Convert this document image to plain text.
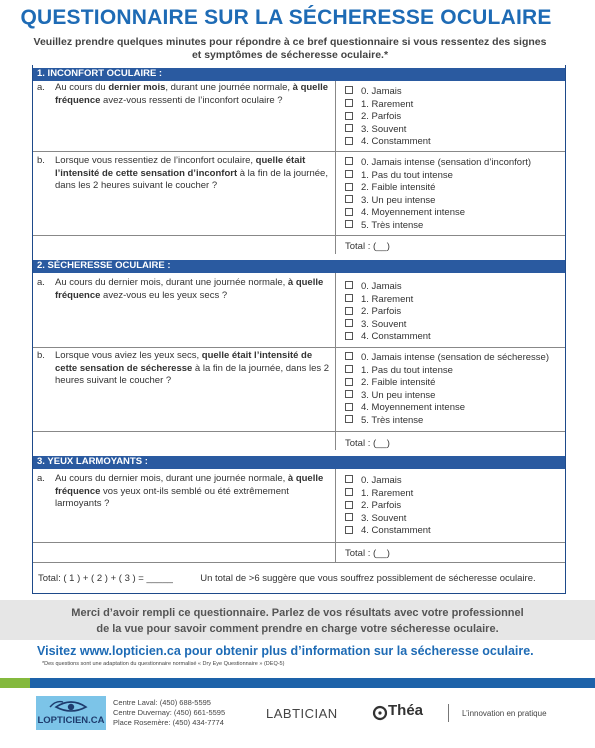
QUESTIONNAIRE SUR LA SÉCHERESSE OCULAIRE
Veuillez prendre quelques minutes pour répondre à ce bref questionnaire si vous ressentez des signes
et symptômes de sécheresse oculaire.*
1. INCONFORT OCULAIRE :
a. Au cours du dernier mois, durant une journée normale, à quelle fréquence avez-vous ressenti de l’inconfort oculaire ?
0. Jamais
1. Rarement
2. Parfois
3. Souvent
4. Constamment
b. Lorsque vous ressentiez de l’inconfort oculaire, quelle était l’intensité de cette sensation d’inconfort à la fin de la journée, dans les 2 heures suivant le coucher ?
0. Jamais intense (sensation d’inconfort)
1. Pas du tout intense
2. Faible intensité
3. Un peu intense
4. Moyennement intense
5. Très intense
Total : (__)
2. SÉCHERESSE OCULAIRE :
a. Au cours du dernier mois, durant une journée normale, à quelle fréquence avez-vous eu les yeux secs ?
0. Jamais
1. Rarement
2. Parfois
3. Souvent
4. Constamment
b. Lorsque vous aviez les yeux secs, quelle était l’intensité de cette sensation de sécheresse à la fin de la journée, dans les 2 heures suivant le coucher ?
0. Jamais intense (sensation de sécheresse)
1. Pas du tout intense
2. Faible intensité
3. Un peu intense
4. Moyennement intense
5. Très intense
Total : (__)
3. YEUX LARMOYANTS :
a. Au cours du dernier mois, durant une journée normale, à quelle fréquence vos yeux ont-ils semblé ou été extrêmement larmoyants ?
0. Jamais
1. Rarement
2. Parfois
3. Souvent
4. Constamment
Total : (__)
Total: ( 1 ) + ( 2 ) + ( 3 ) = _____	Un total de >6 suggère que vous souffrez possiblement de sécheresse oculaire.
Merci d’avoir rempli ce questionnaire. Parlez de vos résultats avec votre professionnel
de la vue pour savoir comment prendre en charge votre sécheresse oculaire.
Visitez www.lopticien.ca pour obtenir plus d’information sur la sécheresse oculaire.
*Des questions sont une adaptation du questionnaire normalisé « Dry Eye Questionnaire » (DEQ-5)
LOPTICIEN.CA
Centre Laval: (450) 688-5595
Centre Duvernay: (450) 661-5595
Place Rosemère: (450) 434-7774
LABTICIAN	Théa	L’innovation en pratique
